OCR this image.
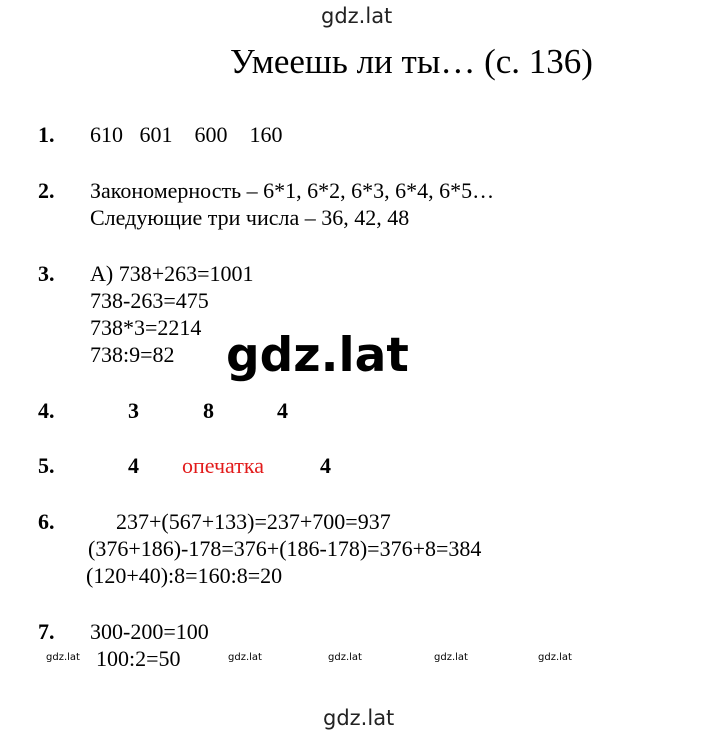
gdz.lat
gdz.lat
gdz.lat
Умеешь ли ты… (с. 136)
1. 610   601    600    160
2. Закономерность – 6*1, 6*2, 6*3, 6*4, 6*5…
Следующие три числа – 36, 42, 48
3. А) 738+263=1001
738-263=475
738*3=2214
738:9=82
4.	3	8	4
5.	4 опечатка	4
6.	237+(567+133)=237+700=937
(376+186)-178=376+(186-178)=376+8=384
(120+40):8=160:8=20
7. 300-200=100
gdz.lat 100:2=50	gdz.lat	gdz.lat	gdz.lat	gdz.lat
